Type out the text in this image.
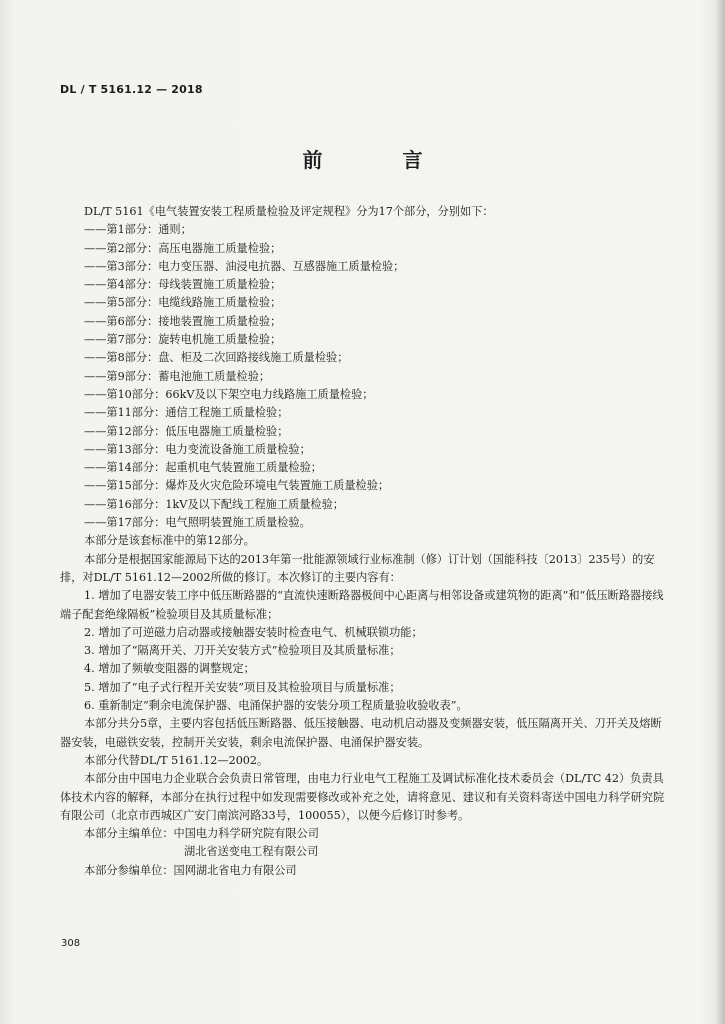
DL / T 5161.12 — 2018
前　言

DL/T 5161《电气装置安装工程质量检验及评定规程》分为17个部分，分别如下：

——第1部分：通则；

——第2部分：高压电器施工质量检验；

——第3部分：电力变压器、油浸电抗器、互感器施工质量检验；

——第4部分：母线装置施工质量检验；

——第5部分：电缆线路施工质量检验；

——第6部分：接地装置施工质量检验；

——第7部分：旋转电机施工质量检验；

——第8部分：盘、柜及二次回路接线施工质量检验；

——第9部分：蓄电池施工质量检验；

——第10部分：66kV及以下架空电力线路施工质量检验；

——第11部分：通信工程施工质量检验；

——第12部分：低压电器施工质量检验；

——第13部分：电力变流设备施工质量检验；

——第14部分：起重机电气装置施工质量检验；

——第15部分：爆炸及火灾危险环境电气装置施工质量检验；

——第16部分：1kV及以下配线工程施工质量检验；

——第17部分：电气照明装置施工质量检验。

本部分是该套标准中的第12部分。

本部分是根据国家能源局下达的2013年第一批能源领域行业标准制（修）订计划（国能科技〔2013〕235号）的安排，对DL/T 5161.12—2002所做的修订。本次修订的主要内容有：

1. 增加了电器安装工序中低压断路器的“直流快速断路器极间中心距离与相邻设备或建筑物的距离”和“低压断路器接线端子配套绝缘隔板”检验项目及其质量标准；

2. 增加了可逆磁力启动器或接触器安装时检查电气、机械联锁功能；

3. 增加了“隔离开关、刀开关安装方式”检验项目及其质量标准；

4. 增加了频敏变阻器的调整规定；

5. 增加了“电子式行程开关安装”项目及其检验项目与质量标准；

6. 重新制定“剩余电流保护器、电涌保护器的安装分项工程质量验收验收表”。

本部分共分5章，主要内容包括低压断路器、低压接触器、电动机启动器及变频器安装，低压隔离开关、刀开关及熔断器安装，电磁铁安装，控制开关安装，剩余电流保护器、电涌保护器安装。

本部分代替DL/T 5161.12—2002。

本部分由中国电力企业联合会负责日常管理，由电力行业电气工程施工及调试标准化技术委员会（DL/TC 42）负责具体技术内容的解释，本部分在执行过程中如发现需要修改或补充之处，请将意见、建议和有关资料寄送中国电力科学研究院有限公司（北京市西城区广安门南滨河路33号，100055），以便今后修订时参考。

本部分主编单位：中国电力科学研究院有限公司

湖北省送变电工程有限公司

本部分参编单位：国网湖北省电力有限公司

308
